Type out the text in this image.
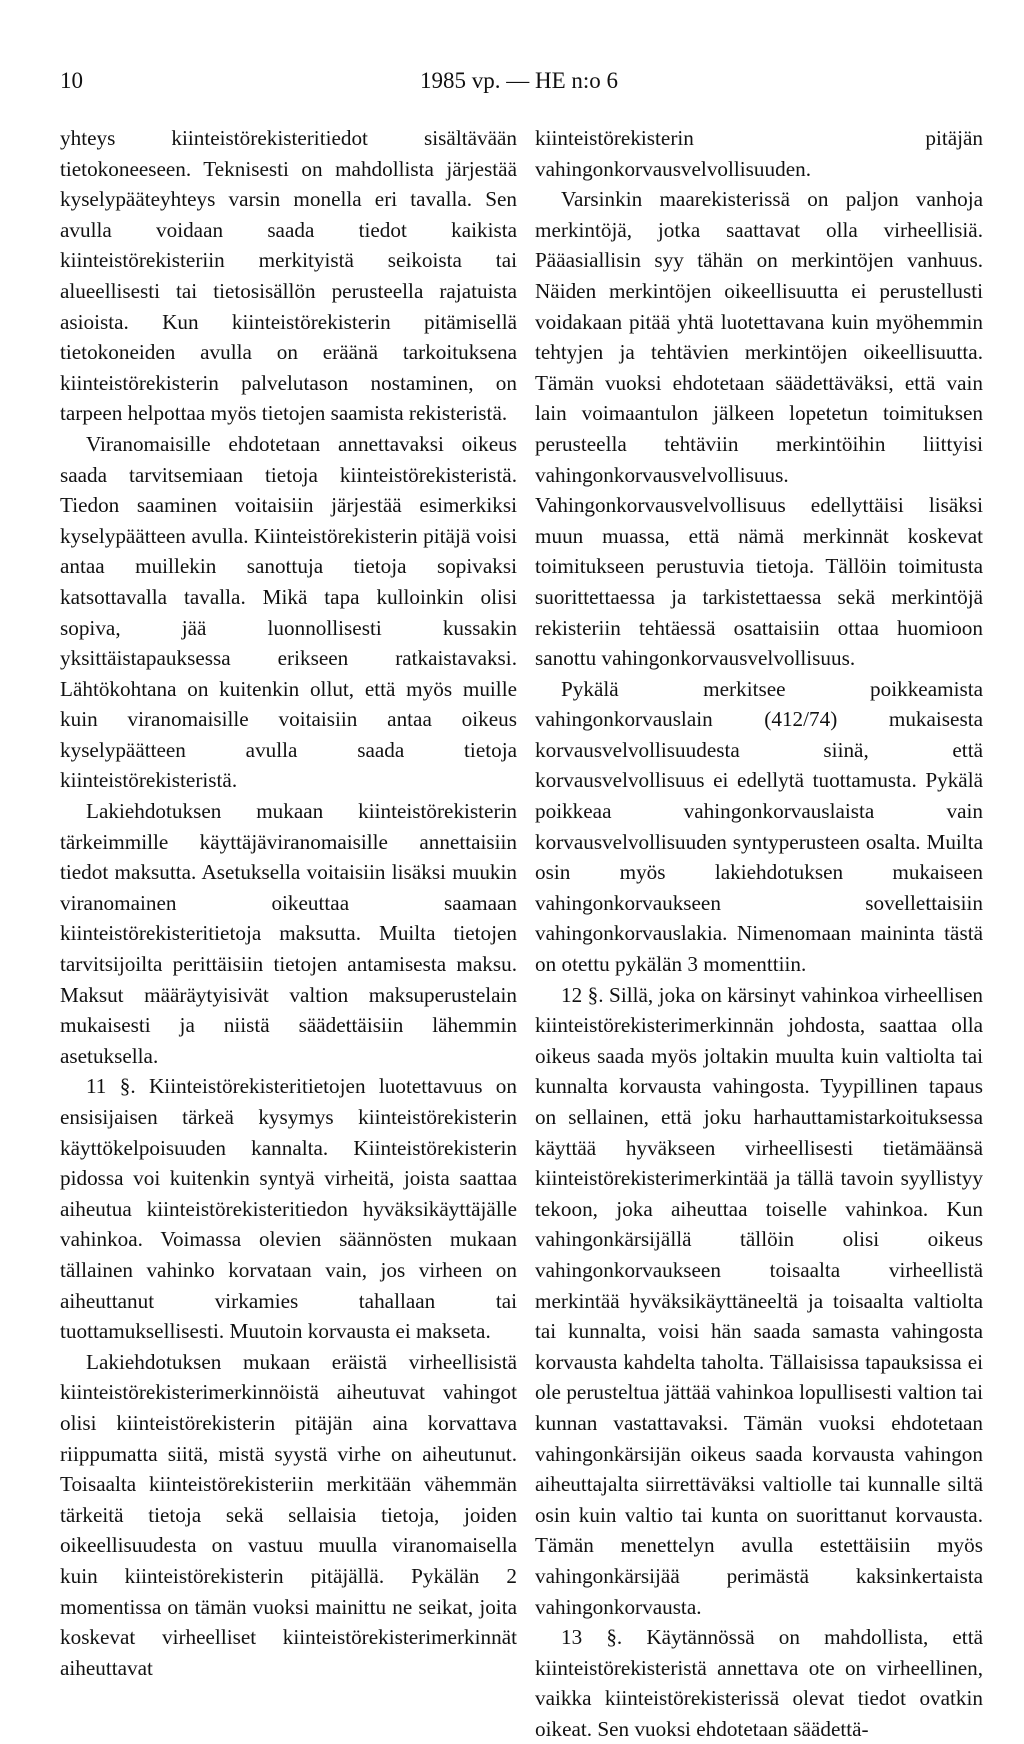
10	1985 vp. — HE n:o 6

yhteys kiinteistörekisteritiedot sisältävään tietokoneeseen. Teknisesti on mahdollista järjestää kyselypääteyhteys varsin monella eri tavalla. Sen avulla voidaan saada tiedot kaikista kiinteistörekisteriin merkityistä seikoista tai alueellisesti tai tietosisällön perusteella rajatuista asioista. Kun kiinteistörekisterin pitämisellä tietokoneiden avulla on eräänä tarkoituksena kiinteistörekisterin palvelutason nostaminen, on tarpeen helpottaa myös tietojen saamista rekisteristä.

Viranomaisille ehdotetaan annettavaksi oikeus saada tarvitsemiaan tietoja kiinteistörekisteristä. Tiedon saaminen voitaisiin järjestää esimerkiksi kyselypäätteen avulla. Kiinteistörekisterin pitäjä voisi antaa muillekin sanottuja tietoja sopivaksi katsottavalla tavalla. Mikä tapa kulloinkin olisi sopiva, jää luonnollisesti kussakin yksittäistapauksessa erikseen ratkaistavaksi. Lähtökohtana on kuitenkin ollut, että myös muille kuin viranomaisille voitaisiin antaa oikeus kyselypäätteen avulla saada tietoja kiinteistörekisteristä.

Lakiehdotuksen mukaan kiinteistörekisterin tärkeimmille käyttäjäviranomaisille annettaisiin tiedot maksutta. Asetuksella voitaisiin lisäksi muukin viranomainen oikeuttaa saamaan kiinteistörekisteritietoja maksutta. Muilta tietojen tarvitsijoilta perittäisiin tietojen antamisesta maksu. Maksut määräytyisivät valtion maksuperustelain mukaisesti ja niistä säädettäisiin lähemmin asetuksella.

11 §. Kiinteistörekisteritietojen luotettavuus on ensisijaisen tärkeä kysymys kiinteistörekisterin käyttökelpoisuuden kannalta. Kiinteistörekisterin pidossa voi kuitenkin syntyä virheitä, joista saattaa aiheutua kiinteistörekisteritiedon hyväksikäyttäjälle vahinkoa. Voimassa olevien säännösten mukaan tällainen vahinko korvataan vain, jos virheen on aiheuttanut virkamies tahallaan tai tuottamuksellisesti. Muutoin korvausta ei makseta.

Lakiehdotuksen mukaan eräistä virheellisistä kiinteistörekisterimerkinnöistä aiheutuvat vahingot olisi kiinteistörekisterin pitäjän aina korvattava riippumatta siitä, mistä syystä virhe on aiheutunut. Toisaalta kiinteistörekisteriin merkitään vähemmän tärkeitä tietoja sekä sellaisia tietoja, joiden oikeellisuudesta on vastuu muulla viranomaisella kuin kiinteistörekisterin pitäjällä. Pykälän 2 momentissa on tämän vuoksi mainittu ne seikat, joita koskevat virheelliset kiinteistörekisterimerkinnät aiheuttavat

kiinteistörekisterin pitäjän vahingonkorvausvelvollisuuden.

Varsinkin maarekisterissä on paljon vanhoja merkintöjä, jotka saattavat olla virheellisiä. Pääasiallisin syy tähän on merkintöjen vanhuus. Näiden merkintöjen oikeellisuutta ei perustellusti voidakaan pitää yhtä luotettavana kuin myöhemmin tehtyjen ja tehtävien merkintöjen oikeellisuutta. Tämän vuoksi ehdotetaan säädettäväksi, että vain lain voimaantulon jälkeen lopetetun toimituksen perusteella tehtäviin merkintöihin liittyisi vahingonkorvausvelvollisuus. Vahingonkorvausvelvollisuus edellyttäisi lisäksi muun muassa, että nämä merkinnät koskevat toimitukseen perustuvia tietoja. Tällöin toimitusta suorittettaessa ja tarkistettaessa sekä merkintöjä rekisteriin tehtäessä osattaisiin ottaa huomioon sanottu vahingonkorvausvelvollisuus.

Pykälä merkitsee poikkeamista vahingonkorvauslain (412/74) mukaisesta korvausvelvollisuudesta siinä, että korvausvelvollisuus ei edellytä tuottamusta. Pykälä poikkeaa vahingonkorvauslaista vain korvausvelvollisuuden syntyperusteen osalta. Muilta osin myös lakiehdotuksen mukaiseen vahingonkorvaukseen sovellettaisiin vahingonkorvauslakia. Nimenomaan maininta tästä on otettu pykälän 3 momenttiin.

12 §. Sillä, joka on kärsinyt vahinkoa virheellisen kiinteistörekisterimerkinnän johdosta, saattaa olla oikeus saada myös joltakin muulta kuin valtiolta tai kunnalta korvausta vahingosta. Tyypillinen tapaus on sellainen, että joku harhauttamistarkoituksessa käyttää hyväkseen virheellisesti tietämäänsä kiinteistörekisterimerkintää ja tällä tavoin syyllistyy tekoon, joka aiheuttaa toiselle vahinkoa. Kun vahingonkärsijällä tällöin olisi oikeus vahingonkorvaukseen toisaalta virheellistä merkintää hyväksikäyttäneeltä ja toisaalta valtiolta tai kunnalta, voisi hän saada samasta vahingosta korvausta kahdelta taholta. Tällaisissa tapauksissa ei ole perusteltua jättää vahinkoa lopullisesti valtion tai kunnan vastattavaksi. Tämän vuoksi ehdotetaan vahingonkärsijän oikeus saada korvausta vahingon aiheuttajalta siirrettäväksi valtiolle tai kunnalle siltä osin kuin valtio tai kunta on suorittanut korvausta. Tämän menettelyn avulla estettäisiin myös vahingonkärsijää perimästä kaksinkertaista vahingonkorvausta.

13 §. Käytännössä on mahdollista, että kiinteistörekisteristä annettava ote on virheellinen, vaikka kiinteistörekisterissä olevat tiedot ovatkin oikeat. Sen vuoksi ehdotetaan säädettä-
